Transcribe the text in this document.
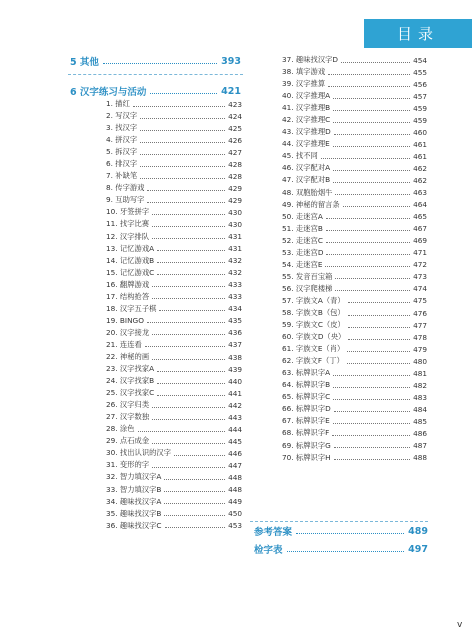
目录
5 其他	393
6 汉字练习与活动	421
1. 描红	423
2. 写汉字	424
3. 找汉字	425
4. 拼汉字	426
5. 拆汉字	427
6. 排汉字	428
7. 补缺笔	428
8. 传字游戏	429
9. 互助写字	429
10. 牙签拼字	430
11. 找字比赛	430
12. 汉字排队	431
13. 记忆游戏A	431
14. 记忆游戏B	432
15. 记忆游戏C	432
16. 翻牌游戏	433
17. 结构抢答	433
18. 汉字五子棋	434
19. BINGO	435
20. 汉字接龙	436
21. 连连看	437
22. 神秘的画	438
23. 汉字找家A	439
24. 汉字找家B	440
25. 汉字找家C	441
26. 汉字归类	442
27. 汉字数独	443
28. 涂色	444
29. 点石成金	445
30. 找出认识的汉字	446
31. 变形的字	447
32. 智力填汉字A	448
33. 智力填汉字B	448
34. 趣味找汉字A	449
35. 趣味找汉字B	450
36. 趣味找汉字C	453
37. 趣味找汉字D	454
38. 填字游戏	455
39. 汉字推算	456
40. 汉字推理A	457
41. 汉字推理B	459
42. 汉字推理C	459
43. 汉字推理D	460
44. 汉字推理E	461
45. 找不同	461
46. 汉字配对A	462
47. 汉字配对B	462
48. 双胞胎烟牛	463
49. 神秘的留言条	464
50. 走迷宫A	465
51. 走迷宫B	467
52. 走迷宫C	469
53. 走迷宫D	471
54. 走迷宫E	472
55. 发音百宝箱	473
56. 汉字爬楼梯	474
57. 字族文A（青）	475
58. 字族文B（包）	476
59. 字族文C（皮）	477
60. 字族文D（央）	478
61. 字族文E（肖）	479
62. 字族文F（丁）	480
63. 标牌识字A	481
64. 标牌识字B	482
65. 标牌识字C	483
66. 标牌识字D	484
67. 标牌识字E	485
68. 标牌识字F	486
69. 标牌识字G	487
70. 标牌识字H	488
参考答案	489
检字表	497
v
